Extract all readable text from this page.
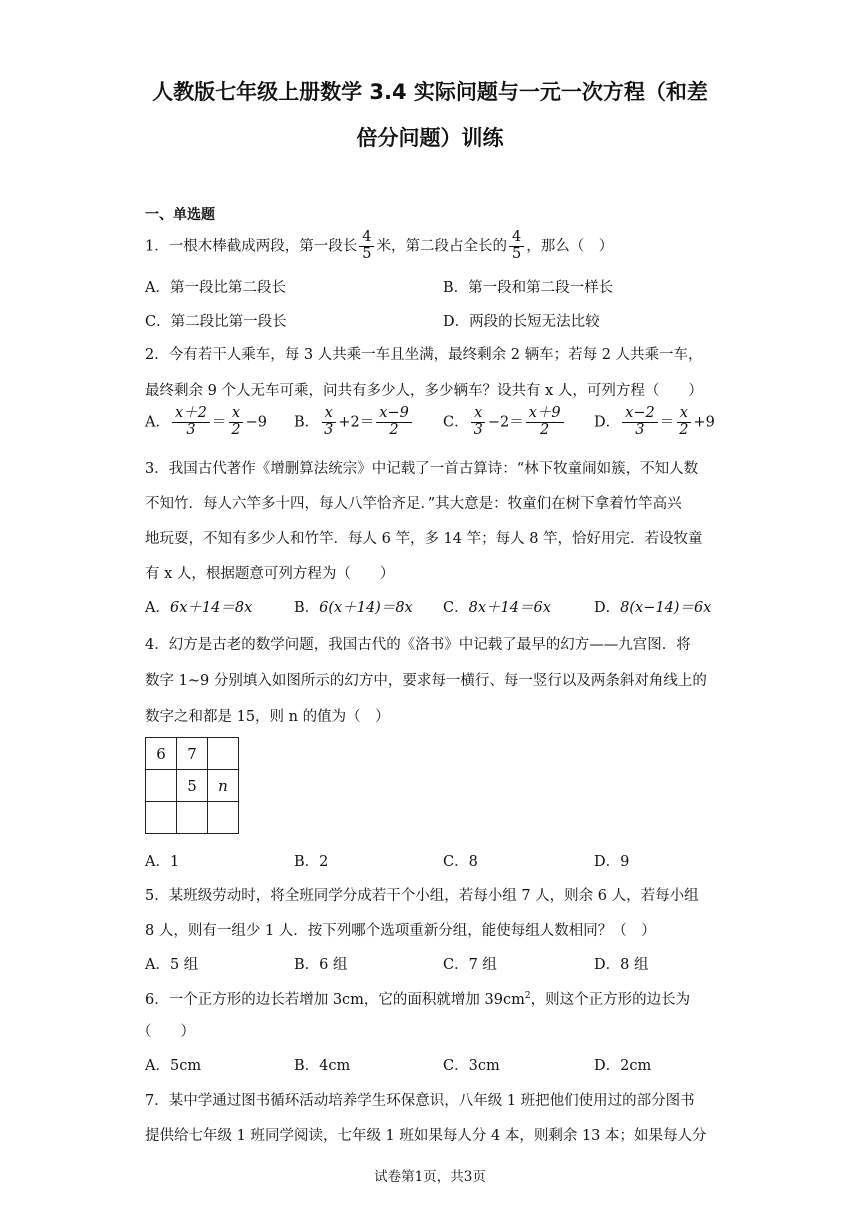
人教版七年级上册数学 3.4 实际问题与一元一次方程（和差
倍分问题）训练
一、单选题
1．一根木棒截成两段，第一段长 $\frac{4}{5}$ 米，第二段占全长的 $\frac{4}{5}$ ，那么（　）
A．第一段比第二段长	B．第一段和第二段一样长
C．第二段比第一段长	D．两段的长短无法比较
2．今有若干人乘车，每 3 人共乘一车且坐满，最终剩余 2 辆车；若每 2 人共乘一车，
最终剩余 9 个人无车可乘，问共有多少人，多少辆车？设共有 x 人，可列方程（　　）
A． $\frac{x+2}{3} = \frac{x}{2} -9$ B． $\frac{x}{3} +2= \frac{x-9}{2}$ C． $\frac{x}{3} -2= \frac{x+9}{2}$ D． $\frac{x-2}{3} = \frac{x}{2} +9$
3．我国古代著作《增删算法统宗》中记载了一首古算诗：“林下牧童闹如簇，不知人数
不知竹．每人六竿多十四，每人八竿恰齐足．”其大意是：牧童们在树下拿着竹竿高兴
地玩耍，不知有多少人和竹竿．每人 6 竿，多 14 竿；每人 8 竿，恰好用完．若设牧童
有 x 人，根据题意可列方程为（　　）
A．6x＋14＝8x	B．6(x＋14)＝8x C．8x＋14＝6x	D．8(x−14)＝6x
4．幻方是古老的数学问题，我国古代的《洛书》中记载了最早的幻方——九宫图．将
数字 1~9 分别填入如图所示的幻方中，要求每一横行、每一竖行以及两条斜对角线上的
数字之和都是 15，则 n 的值为（　）
6	7	
	5	n

A．1	B．2	C．8	D．9
5．某班级劳动时，将全班同学分成若干个小组，若每小组 7 人，则余 6 人，若每小组
8 人，则有一组少 1 人．按下列哪个选项重新分组，能使每组人数相同？（　）
A．5 组	B．6 组	C．7 组	D．8 组
6．一个正方形的边长若增加 3cm，它的面积就增加 $39cm^2$，则这个正方形的边长为
（　　）
A．5cm	B．4cm	C．3cm	D．2cm
7．某中学通过图书循环活动培养学生环保意识，八年级 1 班把他们使用过的部分图书
提供给七年级 1 班同学阅读，七年级 1 班如果每人分 4 本，则剩余 13 本；如果每人分
试卷第1页，共3页
